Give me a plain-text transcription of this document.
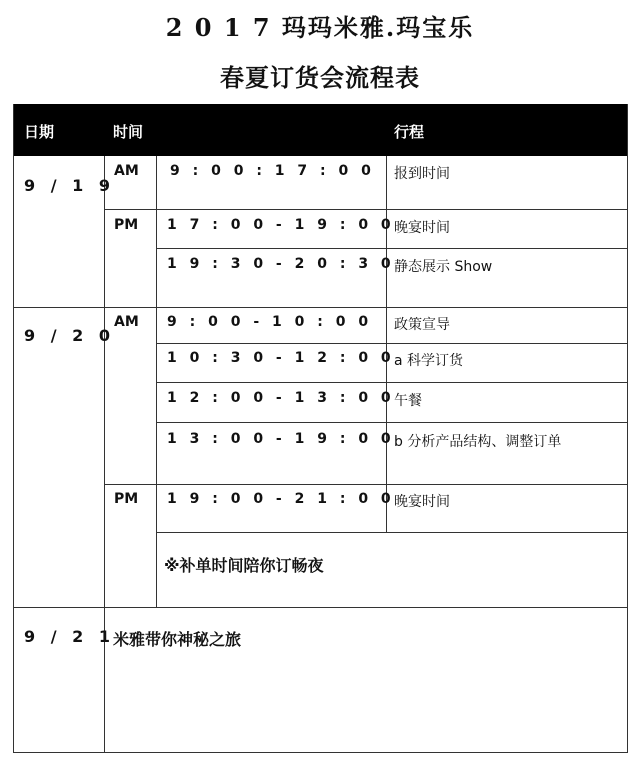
2 0 1 7 玛玛米雅.玛宝乐
春夏订货会流程表
日期	时间	行程
9 / 1 9
AM 9 : 0 0 : 1 7 : 0 0 报到时间
PM 1 7 : 0 0 - 1 9 : 0 0 晚宴时间
1 9 : 3 0 - 2 0 : 3 0 静态展示 Show
9 / 2 0
AM 9 : 0 0 - 1 0 : 0 0 政策宣导
1 0 : 3 0 - 1 2 : 0 0 a 科学订货
1 2 : 0 0 - 1 3 : 0 0 午餐
1 3 : 0 0 - 1 9 : 0 0 b 分析产品结构、调整订单
PM 1 9 : 0 0 - 2 1 : 0 0 晚宴时间
※补单时间陪你订畅夜
9 / 2 1
米雅带你神秘之旅
